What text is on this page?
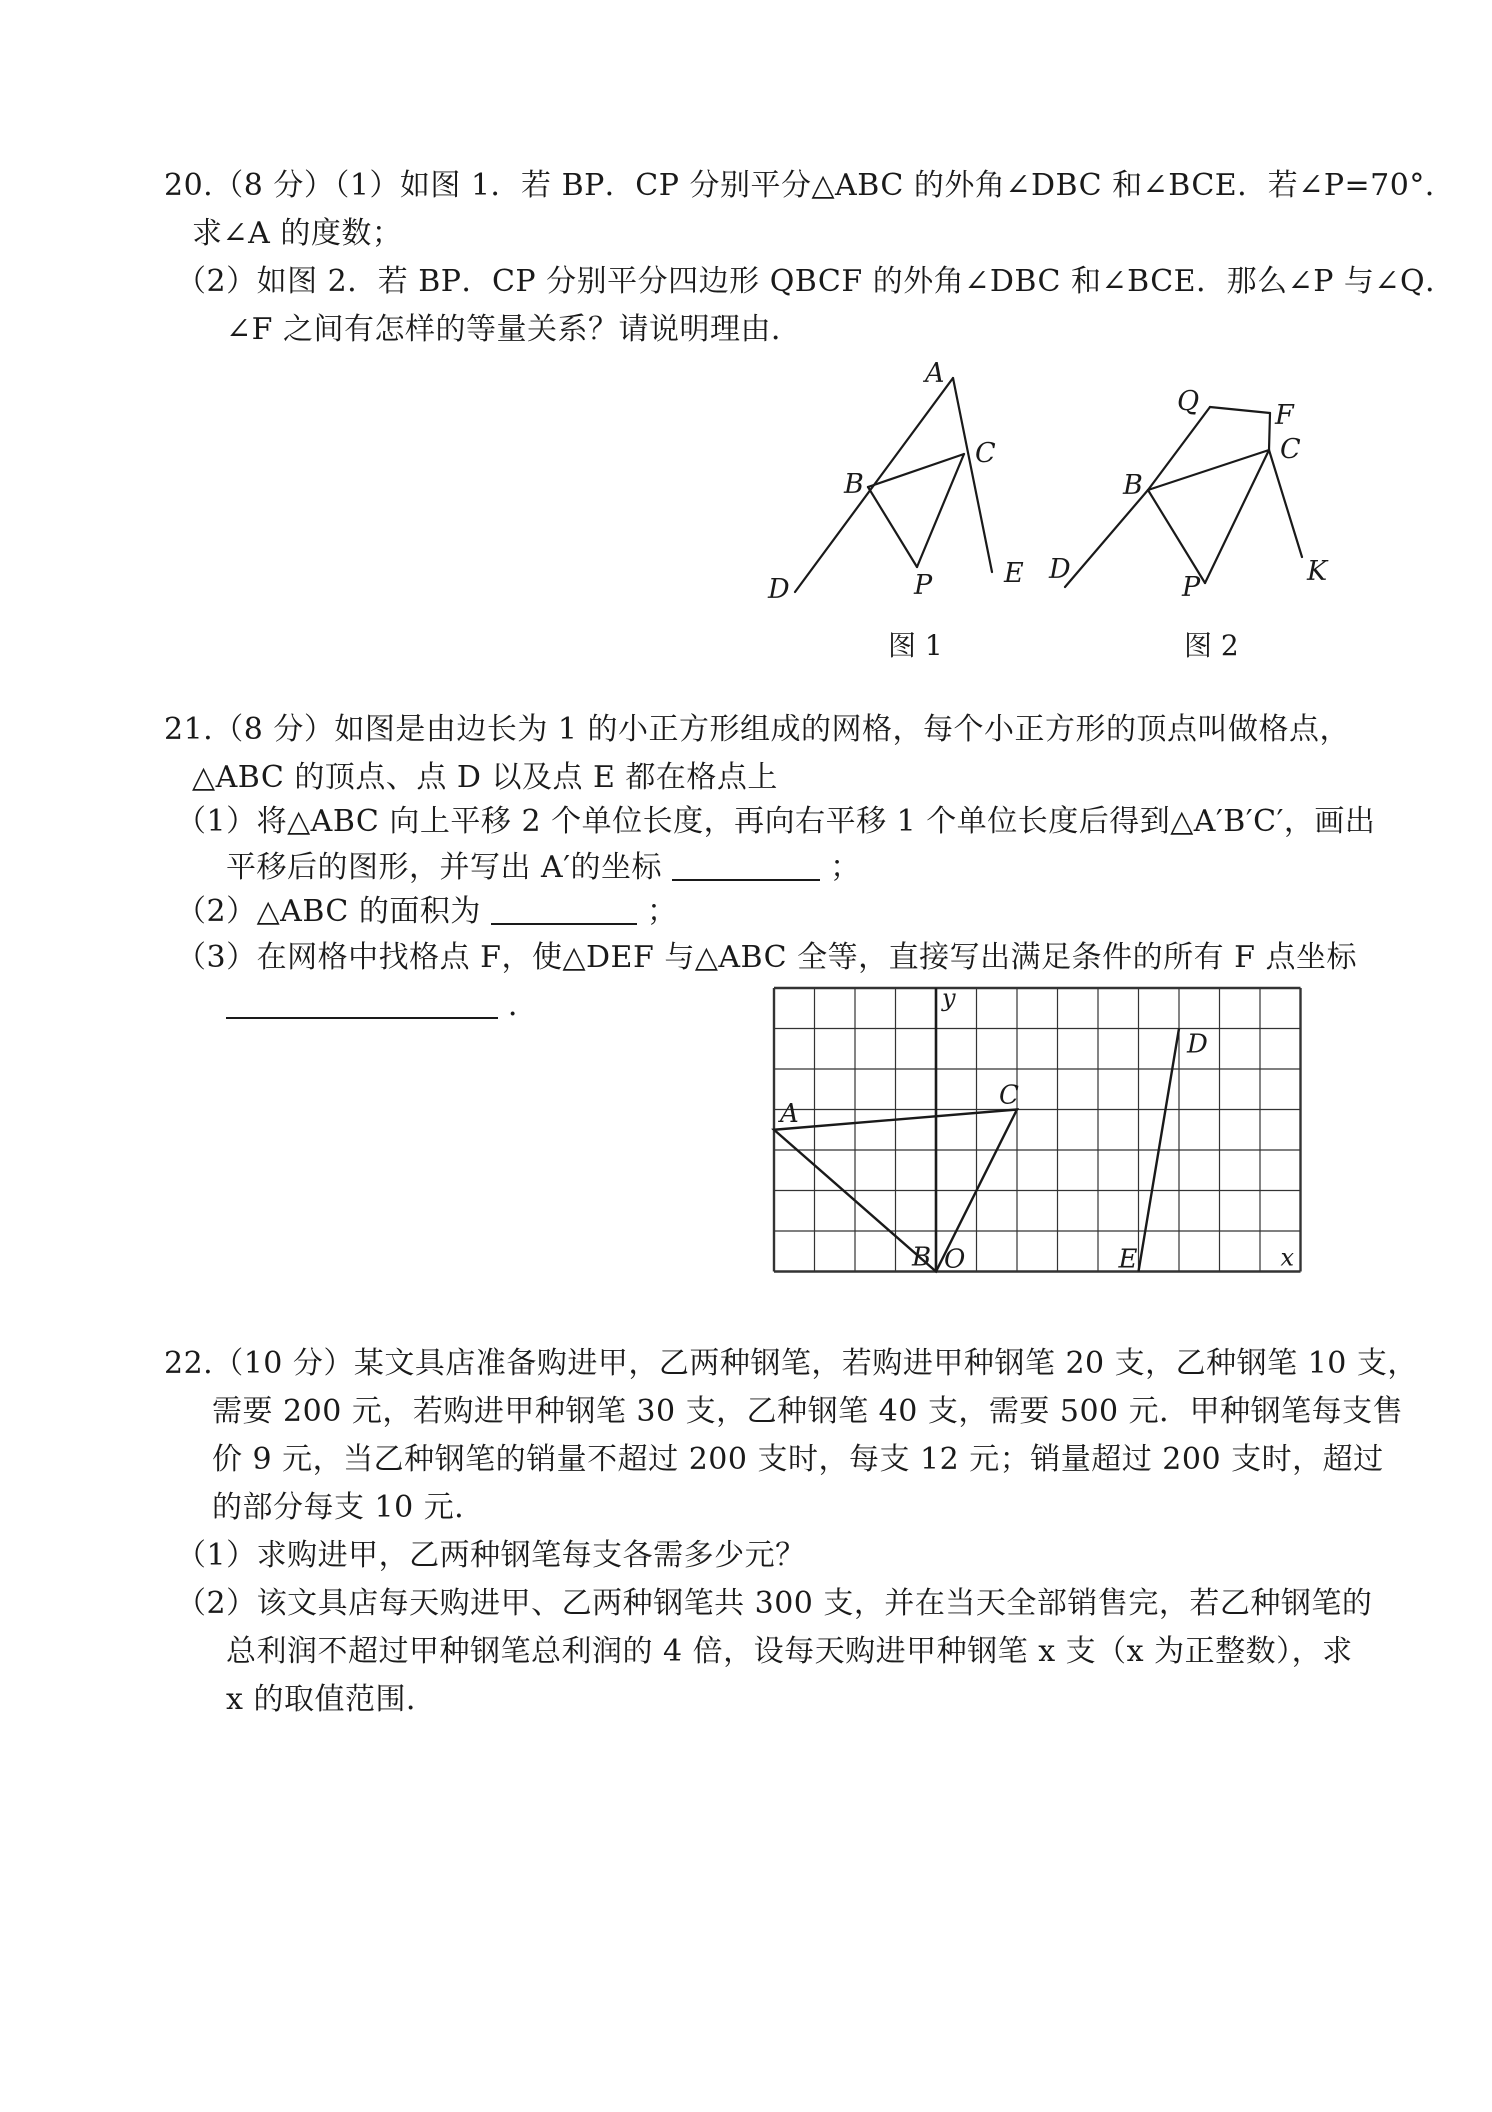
20.（8 分）（1）如图 1．若 BP．CP 分别平分△ABC 的外角∠DBC 和∠BCE．若∠P=70°．
求∠A 的度数；
（2）如图 2．若 BP．CP 分别平分四边形 QBCF 的外角∠DBC 和∠BCE．那么∠P 与∠Q．
∠F 之间有怎样的等量关系？请说明理由．
A
B
C
D
E
P
图 1
Q	F
C
B
D	K
P
图 2
21.（8 分）如图是由边长为 1 的小正方形组成的网格，每个小正方形的顶点叫做格点，
△ABC 的顶点、点 D 以及点 E 都在格点上
（1）将△ABC 向上平移 2 个单位长度，再向右平移 1 个单位长度后得到△A′B′C′，画出
平移后的图形，并写出 A′的坐标	；
（2）△ABC 的面积为	；
（3）在网格中找格点 F，使△DEF 与△ABC 全等，直接写出满足条件的所有 F 点坐标
．	y
x
O
A
B
C
D
E
22.（10 分）某文具店准备购进甲，乙两种钢笔，若购进甲种钢笔 20 支，乙种钢笔 10 支，
需要 200 元，若购进甲种钢笔 30 支，乙种钢笔 40 支，需要 500 元．甲种钢笔每支售
价 9 元，当乙种钢笔的销量不超过 200 支时，每支 12 元；销量超过 200 支时，超过
的部分每支 10 元．
（1）求购进甲，乙两种钢笔每支各需多少元？
（2）该文具店每天购进甲、乙两种钢笔共 300 支，并在当天全部销售完，若乙种钢笔的
总利润不超过甲种钢笔总利润的 4 倍，设每天购进甲种钢笔 x 支（x 为正整数），求
x 的取值范围．
